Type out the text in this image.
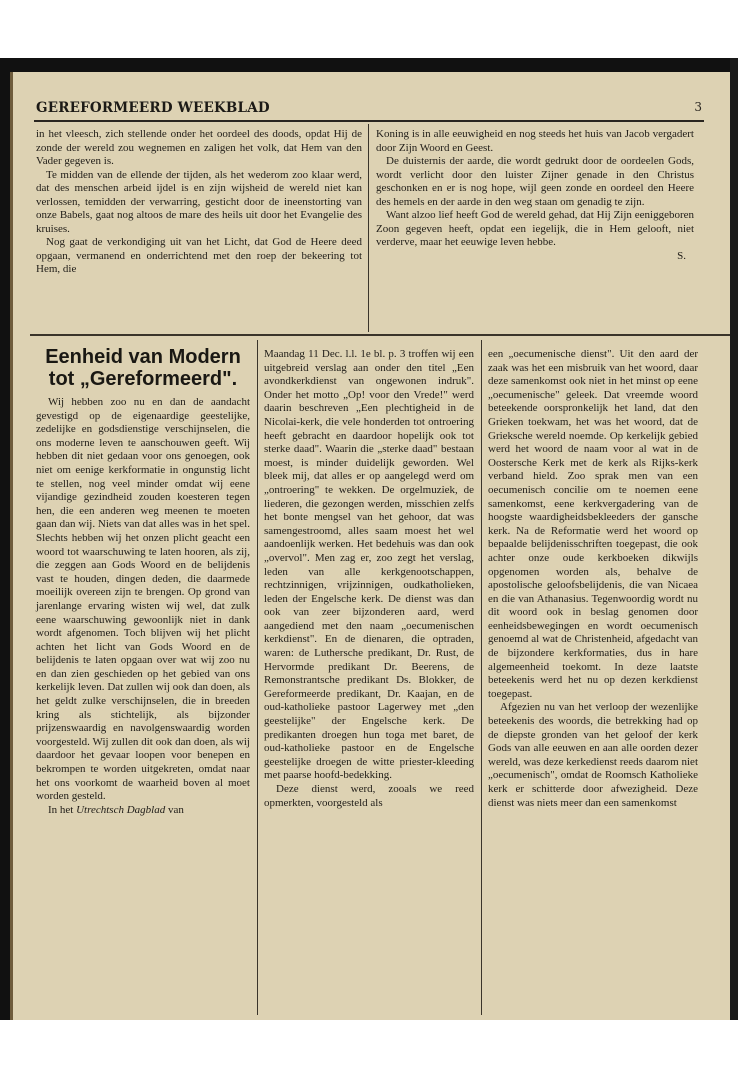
GEREFORMEERD WEEKBLAD	3

in het vleesch, zich stellende onder het oordeel des doods, opdat Hij de zonde der wereld zou wegnemen en zaligen het volk, dat Hem van den Vader gegeven is.

Te midden van de ellende der tijden, als het wederom zoo klaar werd, dat des menschen arbeid ijdel is en zijn wijsheid de wereld niet kan verlossen, temidden der verwarring, gesticht door de ineenstorting van onze Babels, gaat nog altoos de mare des heils uit door het Evangelie des kruises.

Nog gaat de verkondiging uit van het Licht, dat God de Heere deed opgaan, vermanend en onderrichtend met den roep der bekeering tot Hem, die

Koning is in alle eeuwigheid en nog steeds het huis van Jacob vergadert door Zijn Woord en Geest.

De duisternis der aarde, die wordt gedrukt door de oordeelen Gods, wordt verlicht door den luister Zijner genade in den Christus geschonken en er is nog hope, wijl geen zonde en oordeel den Heere des hemels en der aarde in den weg staan om genadig te zijn.

Want alzoo lief heeft God de wereld gehad, dat Hij Zijn eeniggeboren Zoon gegeven heeft, opdat een iegelijk, die in Hem gelooft, niet verderve, maar het eeuwige leven hebbe.

S.
Eenheid van Modern
tot „Gereformeerd".

Wij hebben zoo nu en dan de aandacht gevestigd op de eigenaardige geestelijke, zedelijke en godsdienstige verschijnselen, die ons moderne leven te aanschouwen geeft. Wij hebben dit niet gedaan voor ons genoegen, ook niet om eenige kerkformatie in ongunstig licht te stellen, nog veel minder omdat wij eene vijandige gezindheid zouden koesteren tegen hen, die een anderen weg meenen te moeten gaan dan wij. Niets van dat alles was in het spel. Slechts hebben wij het onzen plicht geacht een woord tot waarschuwing te laten hooren, als zij, die zeggen aan Gods Woord en de belijdenis vast te houden, dingen deden, die daarmede moeilijk overeen zijn te brengen. Op grond van jarenlange ervaring wisten wij wel, dat zulk eene waarschuwing gewoonlijk niet in dank wordt afgenomen. Toch blijven wij het plicht achten het licht van Gods Woord en de belijdenis te laten opgaan over wat wij zoo nu en dan zien geschieden op het gebied van ons kerkelijk leven. Dat zullen wij ook dan doen, als het geldt zulke verschijnselen, die in breeden kring als stichtelijk, als bijzonder prijzenswaardig en navolgenswaardig worden voorgesteld. Wij zullen dit ook dan doen, als wij daardoor het gevaar loopen voor benepen en bekrompen te worden uitgekreten, omdat naar het ons voorkomt de waarheid boven al moet worden gesteld.

In het Utrechtsch Dagblad van

Maandag 11 Dec. l.l. 1e bl. p. 3 troffen wij een uitgebreid verslag aan onder den titel „Een avondkerkdienst van ongewonen indruk". Onder het motto „Op! voor den Vrede!" werd daarin beschreven „Een plechtigheid in de Nicolai-kerk, die vele honderden tot ontroering heeft gebracht en daardoor hopelijk ook tot sterke daad". Waarin die „sterke daad" bestaan moest, is minder duidelijk geworden. Wel bleek mij, dat alles er op aangelegd werd om „ontroering" te wekken. De orgelmuziek, de liederen, die gezongen werden, misschien zelfs het bonte mengsel van het gehoor, dat was samengestroomd, alles saam moest het wel aandoenlijk werken. Het bedehuis was dan ook „overvol". Men zag er, zoo zegt het verslag, leden van alle kerkgenootschappen, rechtzinnigen, vrijzinnigen, oudkatholieken, leden der Engelsche kerk. De dienst was dan ook van zeer bijzonderen aard, werd aangediend met den naam „oecumenischen kerkdienst". En de dienaren, die optraden, waren: de Luthersche predikant, Dr. Rust, de Hervormde predikant Dr. Beerens, de Remonstrantsche predikant Ds. Blokker, de Gereformeerde predikant, Dr. Kaajan, en de oud-katholieke pastoor Lagerwey met „den geestelijke" der Engelsche kerk. De predikanten droegen hun toga met baret, de oud-katholieke pastoor en de Engelsche geestelijke droegen de witte priester-kleeding met paarse hoofd-bedekking.

Deze dienst werd, zooals we reed opmerkten, voorgesteld als

een „oecumenische dienst". Uit den aard der zaak was het een misbruik van het woord, daar deze samenkomst ook niet in het minst op eene „oecumenische" geleek. Dat vreemde woord beteekende oorspronkelijk het land, dat den Grieken toekwam, het was het woord, dat de Grieksche wereld noemde. Op kerkelijk gebied werd het woord de naam voor al wat in de Oostersche Kerk met de kerk als Rijks-kerk verband hield. Zoo sprak men van een oecumenisch concilie om te noemen eene samenkomst, eene kerkvergadering van de hoogste waardigheidsbekleeders der gansche kerk. Na de Reformatie werd het woord op bepaalde belijdenisschriften toegepast, die ook achter onze oude kerkboeken dikwijls opgenomen worden als, behalve de apostolische geloofsbelijdenis, die van Nicaea en die van Athanasius. Tegenwoordig wordt nu dit woord ook in beslag genomen door eenheidsbewegingen en wordt oecumenisch genoemd al wat de Christenheid, afgedacht van de bijzondere kerkformaties, dus in hare algemeenheid toekomt. In deze laatste beteekenis werd het nu op dezen kerkdienst toegepast.

Afgezien nu van het verloop der wezenlijke beteekenis des woords, die betrekking had op de diepste gronden van het geloof der kerk Gods van alle eeuwen en aan alle oorden dezer wereld, was deze kerkedienst reeds daarom niet „oecumenisch", omdat de Roomsch Katholieke kerk er schitterde door afwezigheid. Deze dienst was niets meer dan een samenkomst
